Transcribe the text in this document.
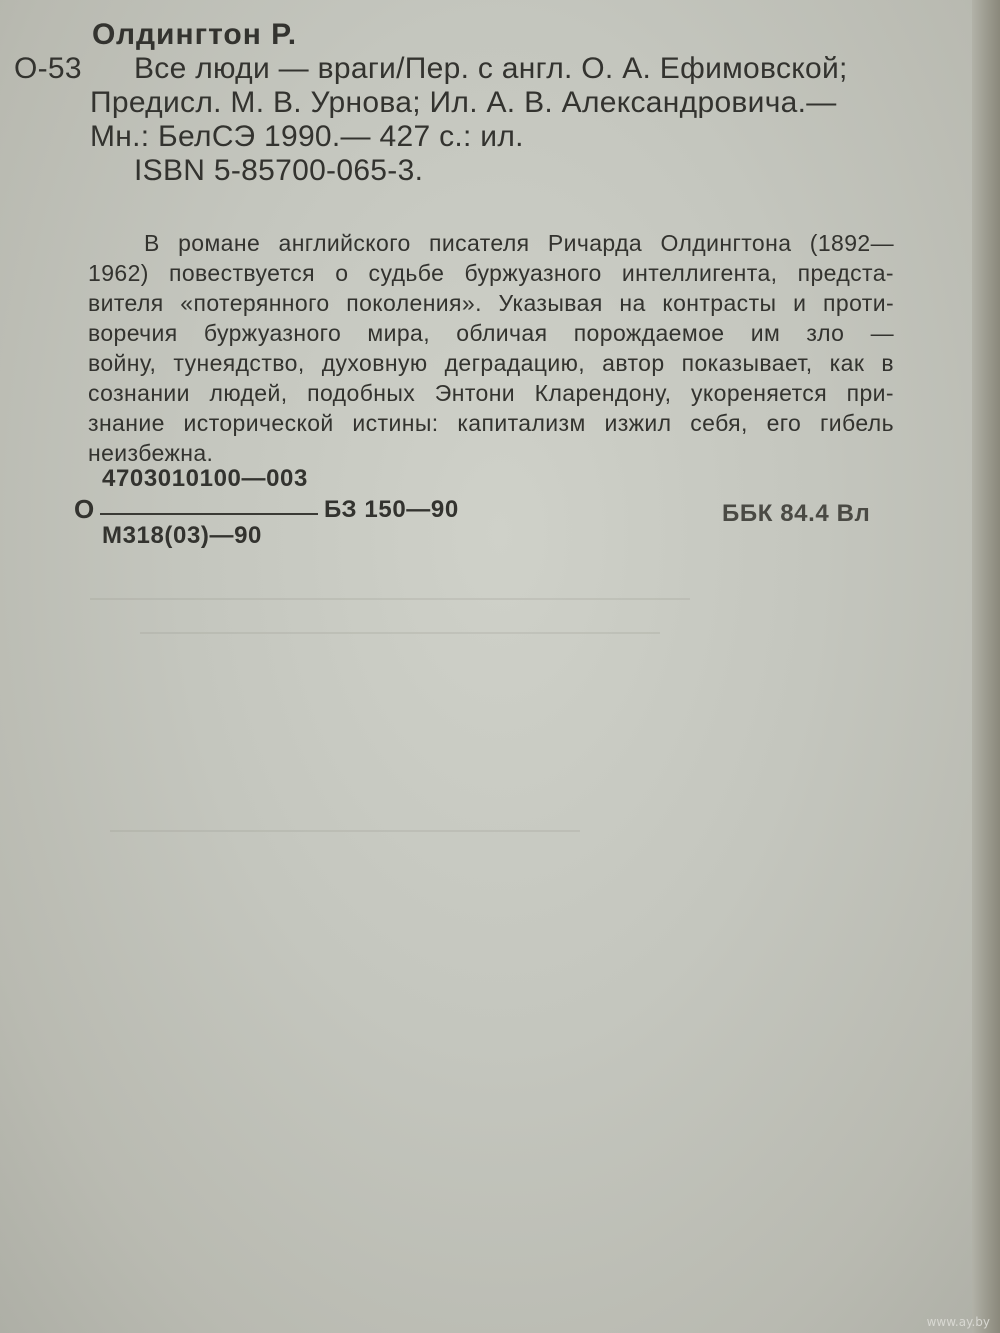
Олдингтон Р.
О-53 Все люди — враги/Пер. с англ. О. А. Ефимовской;
Предисл. М. В. Урнова; Ил. А. В. Александровича.—
Мн.: БелСЭ 1990.— 427 с.: ил.
ISBN 5-85700-065-3.
В романе английского писателя Ричарда Олдингтона (1892—
1962) повествуется о судьбе буржуазного интеллигента, предста-
вителя «потерянного поколения». Указывая на контрасты и проти-
воречия буржуазного мира, обличая порождаемое им зло —
войну, тунеядство, духовную деградацию, автор показывает, как в
сознании людей, подобных Энтони Кларендону, укореняется при-
знание исторической истины: капитализм изжил себя, его гибель
неизбежна.
О
4703010100—003
М318(03)—90
БЗ 150—90	ББК 84.4 Вл
www.ay.by
